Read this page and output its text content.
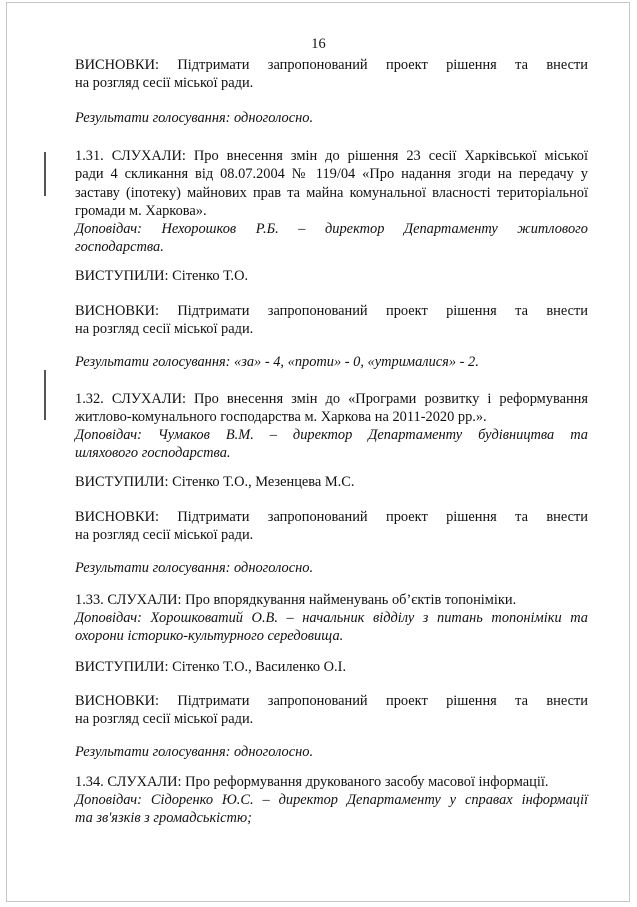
16
ВИСНОВКИ: Підтримати запропонований проект рішення та внести
на розгляд сесії міської ради.
Результати голосування: одноголосно.
1.31. СЛУХАЛИ: Про внесення змін до рішення 23 сесії Харківської міської
ради 4 скликання від 08.07.2004 № 119/04 «Про надання згоди на передачу у
заставу (іпотеку) майнових прав та майна комунальної власності територіальної
громади м. Харкова».
Доповідач: Нехорошков Р.Б. – директор Департаменту житлового
господарства.
ВИСТУПИЛИ: Сітенко Т.О.
ВИСНОВКИ: Підтримати запропонований проект рішення та внести
на розгляд сесії міської ради.
Результати голосування: «за» - 4, «проти» - 0, «утрималися» - 2.
1.32. СЛУХАЛИ: Про внесення змін до «Програми розвитку і реформування
житлово-комунального господарства м. Харкова на 2011-2020 рр.».
Доповідач: Чумаков В.М. – директор Департаменту будівництва та
шляхового господарства.
ВИСТУПИЛИ: Сітенко Т.О., Мезенцева М.С.
ВИСНОВКИ: Підтримати запропонований проект рішення та внести
на розгляд сесії міської ради.
Результати голосування: одноголосно.
1.33. СЛУХАЛИ: Про впорядкування найменувань об’єктів топоніміки.
Доповідач: Хорошковатий О.В. – начальник відділу з питань топоніміки та
охорони історико-культурного середовища.
ВИСТУПИЛИ: Сітенко Т.О., Василенко О.І.
ВИСНОВКИ: Підтримати запропонований проект рішення та внести
на розгляд сесії міської ради.
Результати голосування: одноголосно.
1.34. СЛУХАЛИ: Про реформування друкованого засобу масової інформації.
Доповідач: Сідоренко Ю.С. – директор Департаменту у справах інформації
та зв'язків з громадськістю;
